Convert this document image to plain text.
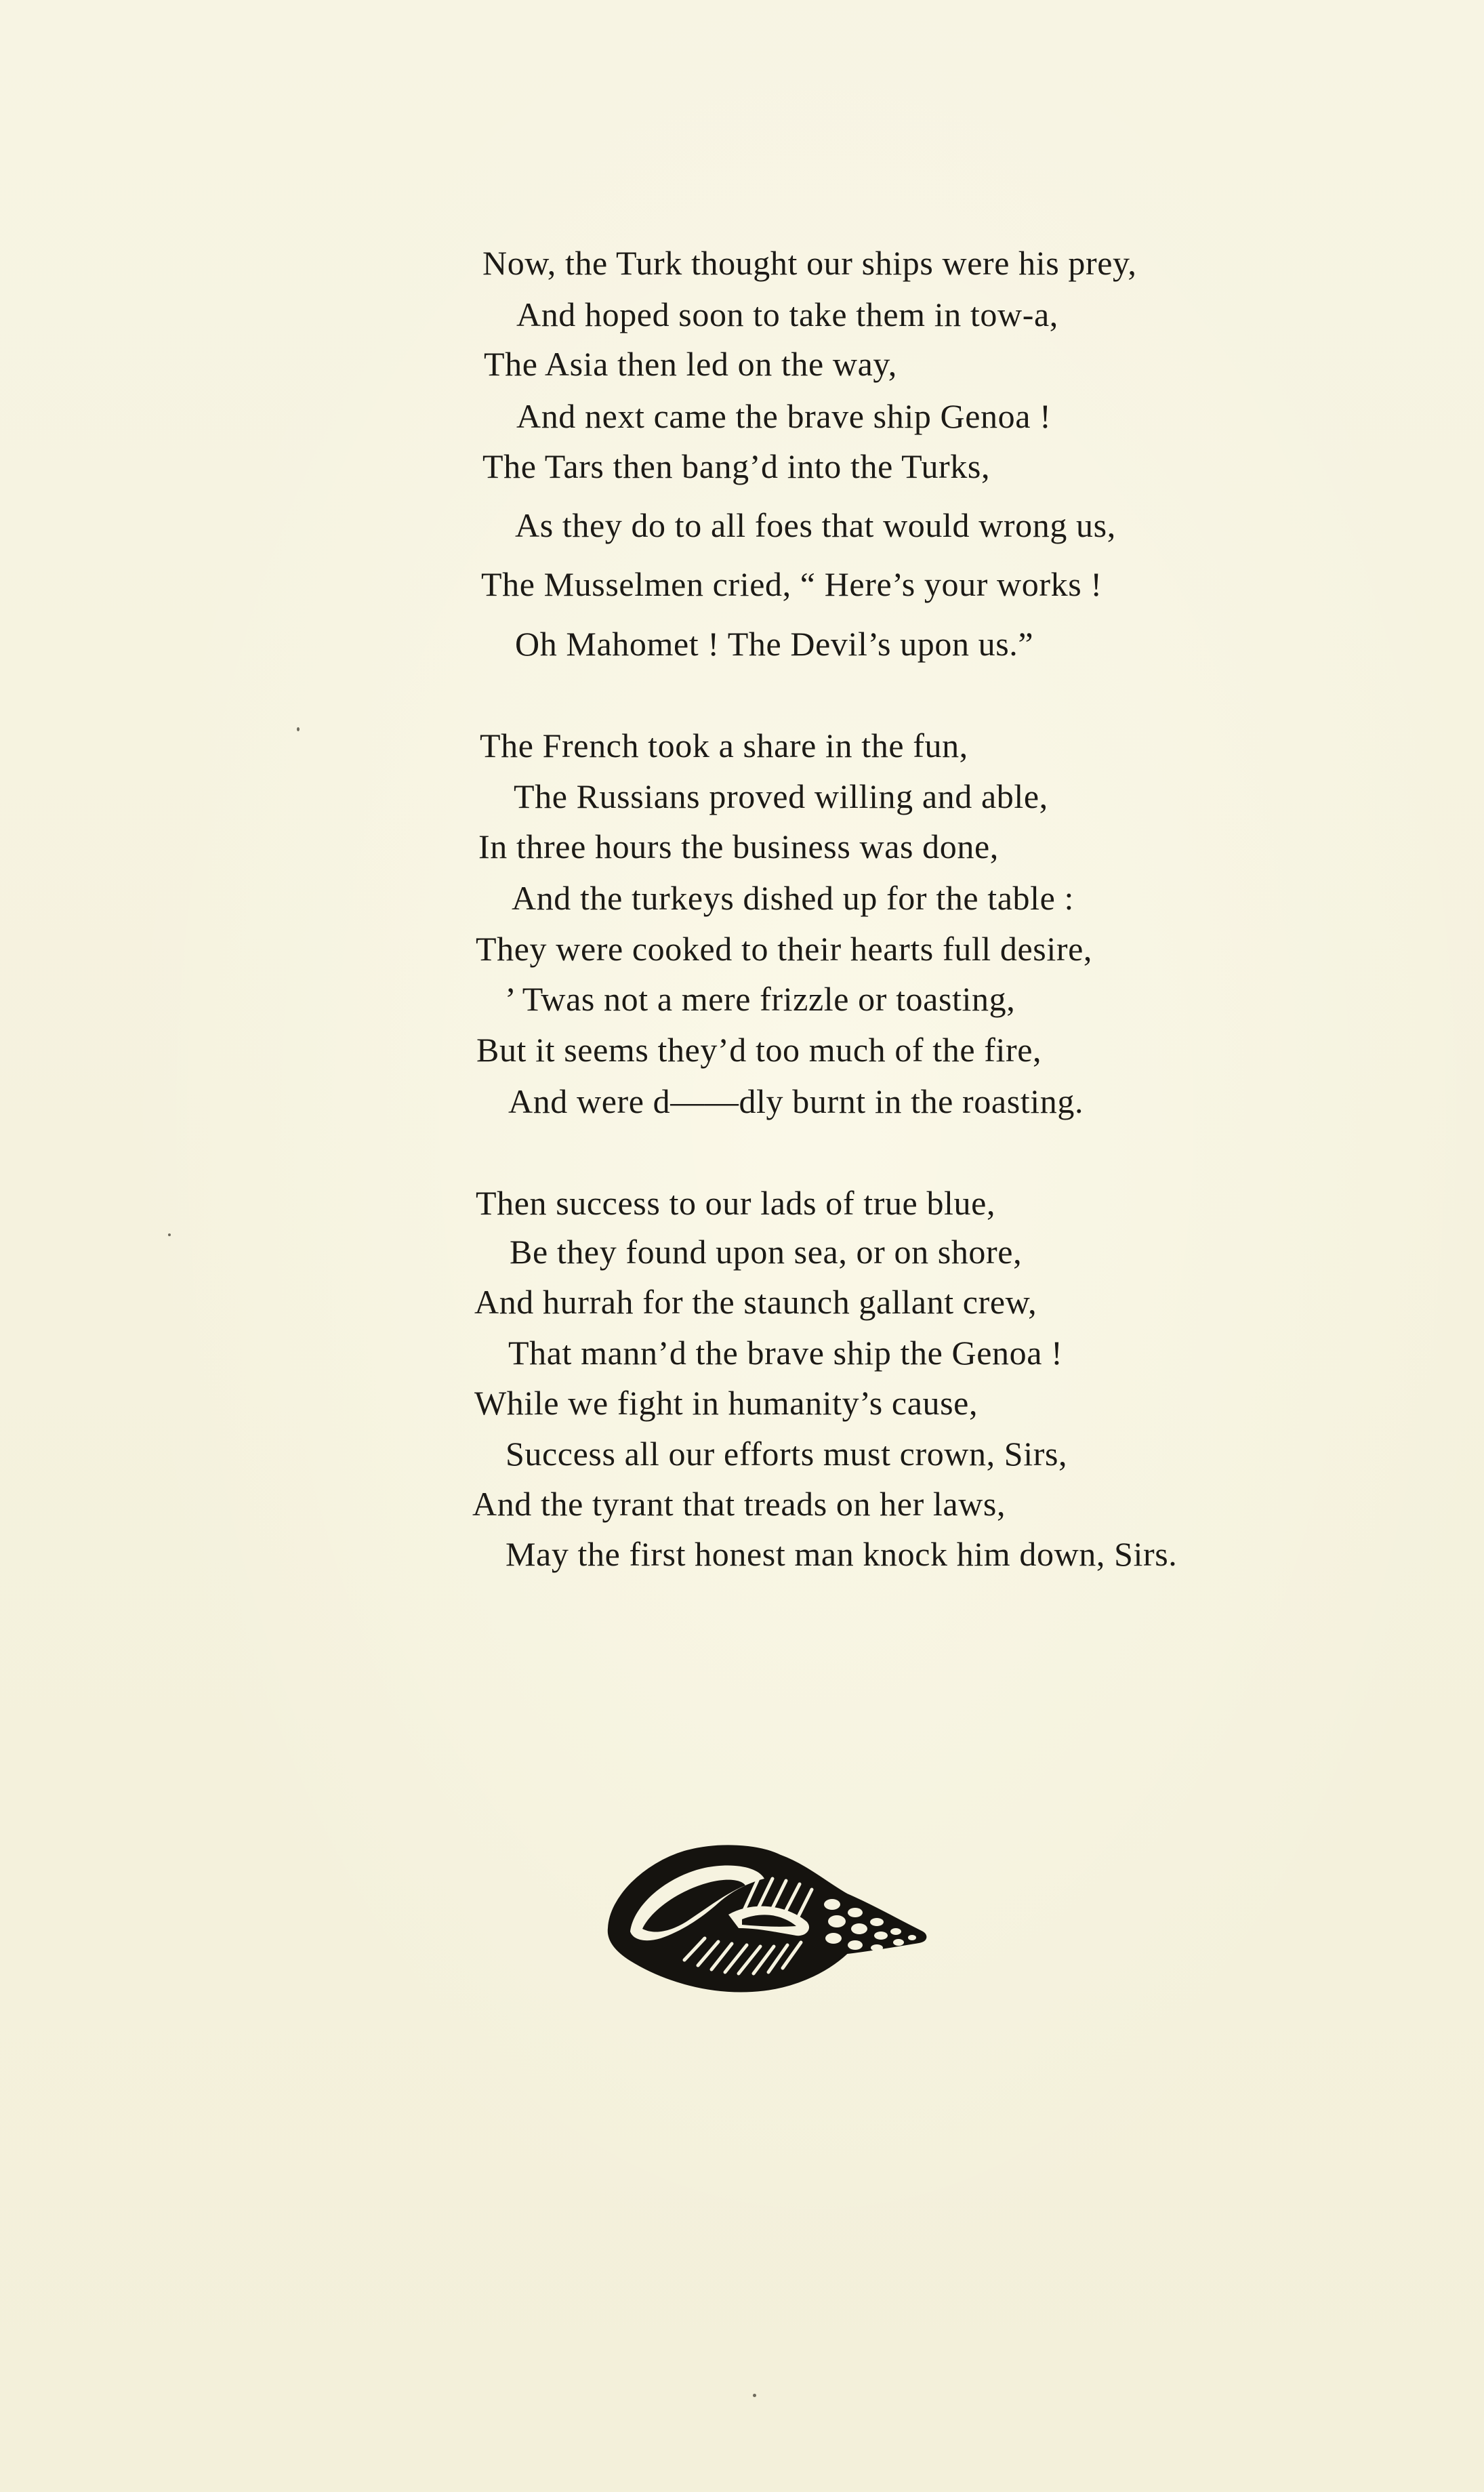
Now, the Turk thought our ships were his prey,
And hoped soon to take them in tow-a,
The Asia then led on the way,
And next came the brave ship Genoa !
The Tars then bang’d into the Turks,
As they do to all foes that would wrong us,
The Musselmen cried, “ Here’s your works !
Oh Mahomet ! The Devil’s upon us.”
The French took a share in the fun,
The Russians proved willing and able,
In three hours the business was done,
And the turkeys dished up for the table :
They were cooked to their hearts full desire,
’ Twas not a mere frizzle or toasting,
But it seems they’d too much of the fire,
And were d——dly burnt in the roasting.
Then success to our lads of true blue,
Be they found upon sea, or on shore,
And hurrah for the staunch gallant crew,
That mann’d the brave ship the Genoa !
While we fight in humanity’s cause,
Success all our efforts must crown, Sirs,
And the tyrant that treads on her laws,
May the first honest man knock him down, Sirs.
